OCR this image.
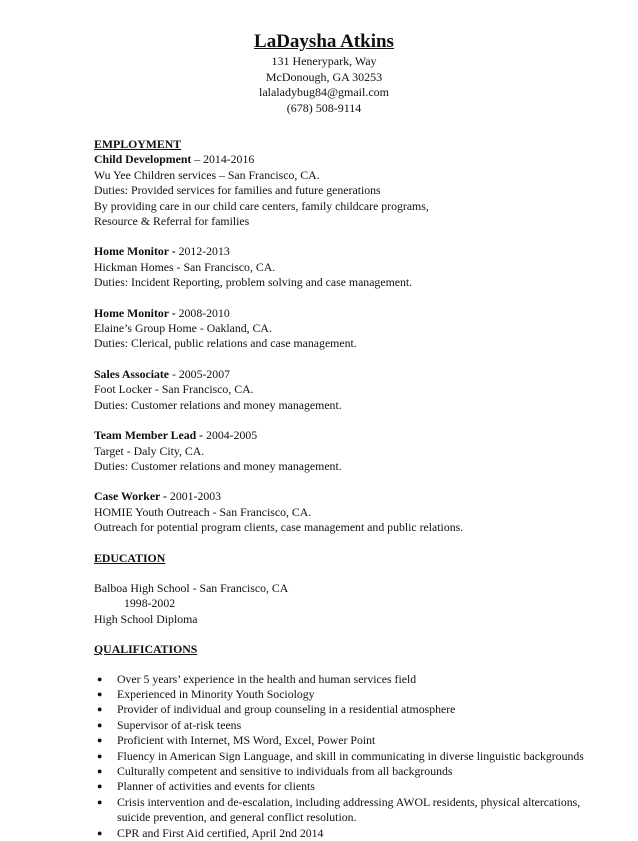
LaDaysha Atkins
131 Henerypark, Way
McDonough, GA 30253
lalaladybug84@gmail.com
(678) 508-9114
EMPLOYMENT
Child Development – 2014-2016
Wu Yee Children services – San Francisco, CA.
Duties: Provided services for families and future generations
By providing care in our child care centers, family childcare programs,
Resource & Referral for families
Home Monitor - 2012-2013
Hickman Homes - San Francisco, CA.
Duties: Incident Reporting, problem solving and case management.
Home Monitor - 2008-2010
Elaine’s Group Home - Oakland, CA.
Duties: Clerical, public relations and case management.
Sales Associate - 2005-2007
Foot Locker - San Francisco, CA.
Duties: Customer relations and money management.
Team Member Lead - 2004-2005
Target - Daly City, CA.
Duties: Customer relations and money management.
Case Worker - 2001-2003
HOMIE Youth Outreach - San Francisco, CA.
Outreach for potential program clients, case management and public relations.
EDUCATION
Balboa High School - San Francisco, CA
1998-2002
High School Diploma
QUALIFICATIONS
● Over 5 years’ experience in the health and human services field
● Experienced in Minority Youth Sociology
● Provider of individual and group counseling in a residential atmosphere
● Supervisor of at-risk teens
● Proficient with Internet, MS Word, Excel, Power Point
● Fluency in American Sign Language, and skill in communicating in diverse linguistic backgrounds
● Culturally competent and sensitive to individuals from all backgrounds
● Planner of activities and events for clients
● Crisis intervention and de-escalation, including addressing AWOL residents, physical altercations, suicide prevention, and general conflict resolution.
● CPR and First Aid certified, April 2nd 2014
